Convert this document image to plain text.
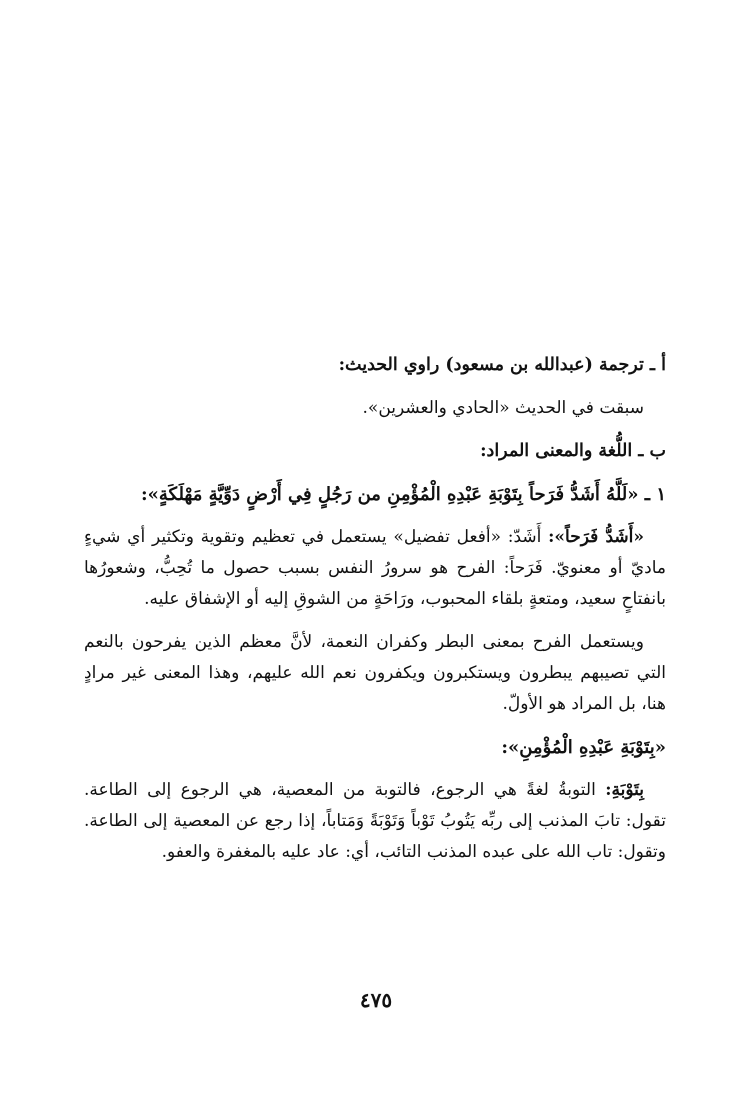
أ ـ ترجمة (عبدالله بن مسعود) راوي الحديث:

سبقت في الحديث «الحادي والعشرين».

ب ـ اللُّغة والمعنى المراد:

١ ـ «لَلَّهُ أَشَدُّ فَرَحاً بِتَوْبَةِ عَبْدِهِ الْمُؤْمِنِ من رَجُلٍ فِي أَرْضٍ دَوِّيَّةٍ مَهْلَكَةٍ»:

«أَشَدُّ فَرَحاً»: أَشَدّ: «أفعل تفضيل» يستعمل في تعظيم وتقوية وتكثير أي شيءٍ ماديّ أو معنويّ. فَرَحاً: الفرح هو سرورُ النفس بسبب حصول ما تُحِبُّ، وشعورُها بانفتاحٍ سعيد، ومتعةٍ بلقاء المحبوب، ورَاحَةٍ من الشوقِ إليه أو الإشفاق عليه.

ويستعمل الفرح بمعنى البطر وكفران النعمة، لأنَّ معظم الذين يفرحون بالنعم التي تصيبهم يبطرون ويستكبرون ويكفرون نعم الله عليهم، وهذا المعنى غير مرادٍ هنا، بل المراد هو الأولّ.

«بِتَوْبَةِ عَبْدِهِ الْمُؤْمِنِ»:

بِتَوْبَةِ: التوبةُ لغةً هي الرجوع، فالتوبة من المعصية، هي الرجوع إلى الطاعة. تقول: تابَ المذنب إلى ربِّه يَتُوبُ تَوْباً وَتَوْبَةً وَمَتاباً، إذا رجع عن المعصية إلى الطاعة. وتقول: تاب الله على عبده المذنب التائب، أي: عاد عليه بالمغفرة والعفو.

٤٧٥
